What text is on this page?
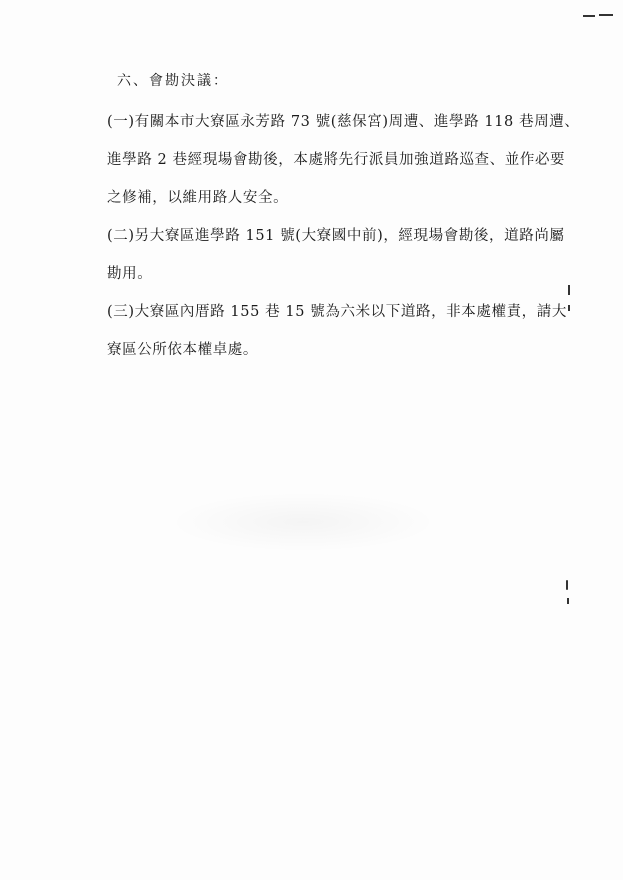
六、會勘決議：
(一)有關本市大寮區永芳路 73 號(慈保宮)周遭、進學路 118 巷周遭、
進學路 2 巷經現場會勘後，本處將先行派員加強道路巡查、並作必要
之修補，以維用路人安全。
(二)另大寮區進學路 151 號(大寮國中前)，經現場會勘後，道路尚屬
勘用。
(三)大寮區內厝路 155 巷 15 號為六米以下道路，非本處權責，請大
寮區公所依本權卓處。
